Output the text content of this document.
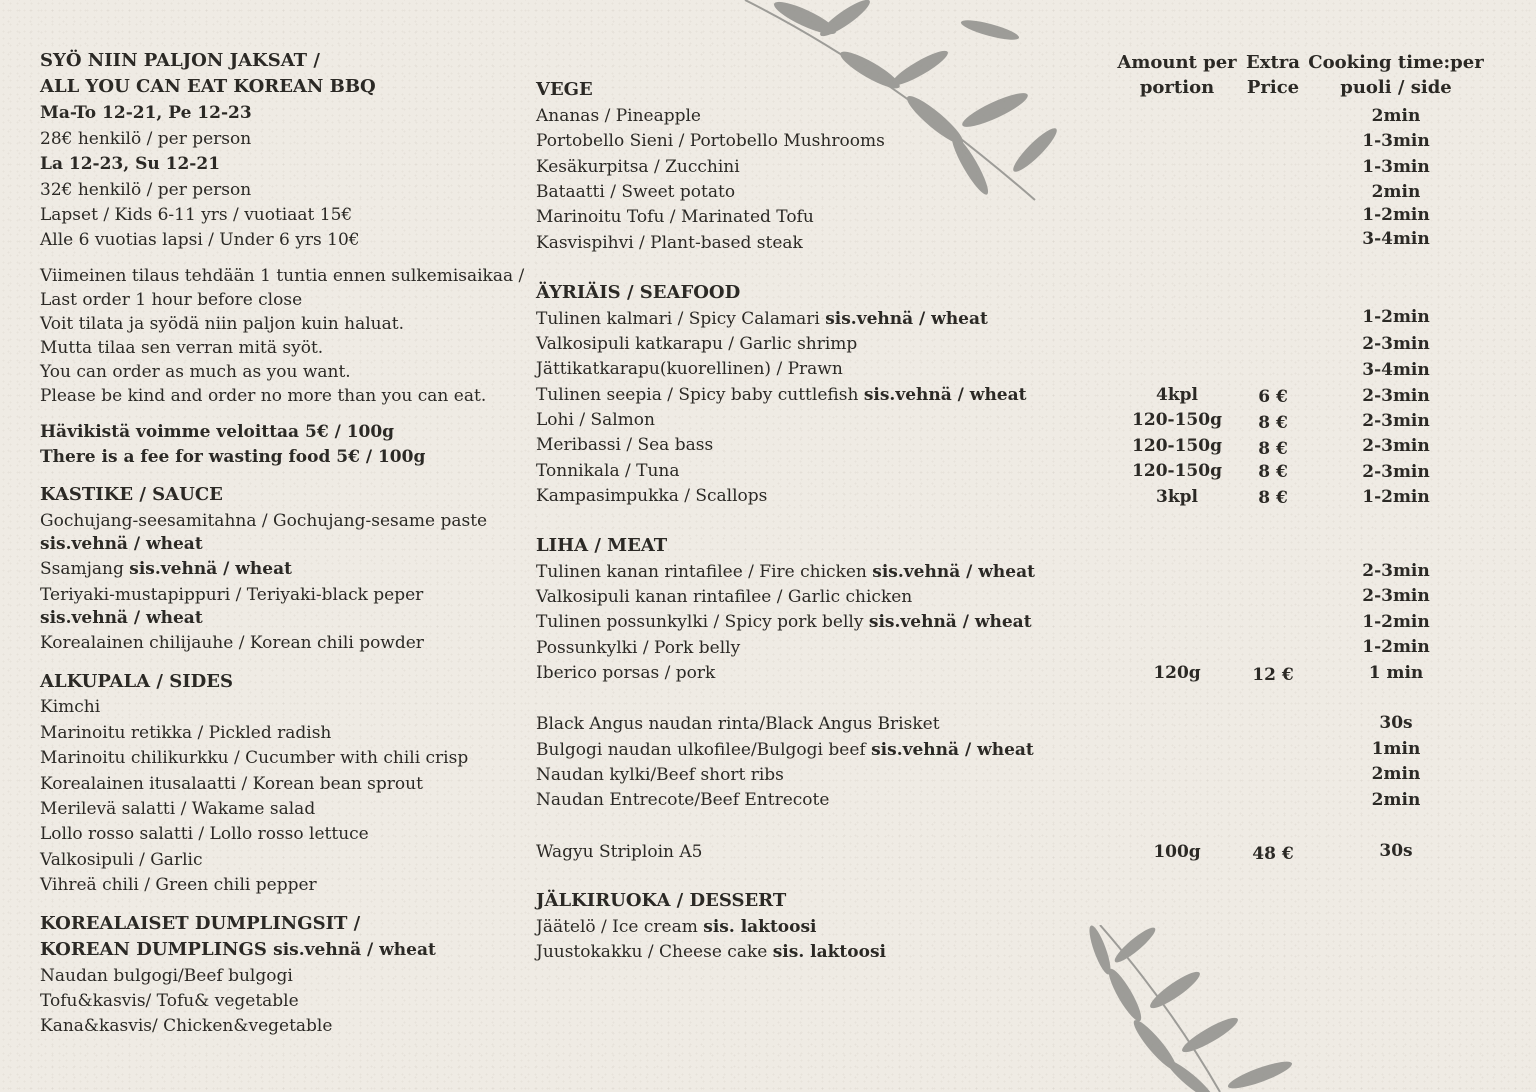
SYÖ NIIN PALJON JAKSAT /
ALL YOU CAN EAT KOREAN BBQ
Ma-To 12-21, Pe 12-23
28€ henkilö / per person
La 12-23, Su 12-21
32€ henkilö / per person
Lapset / Kids 6-11 yrs / vuotiaat 15€
Alle 6 vuotias lapsi / Under 6 yrs 10€
Viimeinen tilaus tehdään 1 tuntia ennen sulkemisaikaa /
Last order 1 hour before close
Voit tilata ja syödä niin paljon kuin haluat.
Mutta tilaa sen verran mitä syöt.
You can order as much as you want.
Please be kind and order no more than you can eat.
Hävikistä voimme veloittaa 5€ / 100g
There is a fee for wasting food 5€ / 100g
KASTIKE / SAUCE
Gochujang-seesamitahna / Gochujang-sesame paste
sis.vehnä / wheat
Ssamjang sis.vehnä / wheat
Teriyaki-mustapippuri / Teriyaki-black peper
sis.vehnä / wheat
Korealainen chilijauhe / Korean chili powder
ALKUPALA / SIDES
Kimchi
Marinoitu retikka / Pickled radish
Marinoitu chilikurkku / Cucumber with chili crisp
Korealainen itusalaatti / Korean bean sprout
Merilevä salatti / Wakame salad
Lollo rosso salatti / Lollo rosso lettuce
Valkosipuli / Garlic
Vihreä chili / Green chili pepper
KOREALAISET DUMPLINGSIT /
KOREAN DUMPLINGS sis.vehnä / wheat
Naudan bulgogi/Beef bulgogi
Tofu&kasvis/ Tofu& vegetable
Kana&kasvis/ Chicken&vegetable
Amount per
portion
Extra
Price
Cooking time:per
puoli / side
VEGE
Ananas / Pineapple	2min
Portobello Sieni / Portobello Mushrooms	1-3min
Kesäkurpitsa / Zucchini	1-3min
Bataatti / Sweet potato	2min
Marinoitu Tofu / Marinated Tofu	1-2min
Kasvispihvi / Plant-based steak	3-4min
ÄYRIÄIS / SEAFOOD
Tulinen kalmari / Spicy Calamari sis.vehnä / wheat	1-2min
Valkosipuli katkarapu / Garlic shrimp	2-3min
Jättikatkarapu(kuorellinen) / Prawn	3-4min
Tulinen seepia / Spicy baby cuttlefish sis.vehnä / wheat	4kpl	6 €	2-3min
Lohi / Salmon	120-150g 8 €	2-3min
Meribassi / Sea bass	120-150g 8 €	2-3min
Tonnikala / Tuna	120-150g 8 €	2-3min
Kampasimpukka / Scallops	3kpl	8 €	1-2min
LIHA / MEAT
Tulinen kanan rintafilee / Fire chicken sis.vehnä / wheat	2-3min
Valkosipuli kanan rintafilee / Garlic chicken	2-3min
Tulinen possunkylki / Spicy pork belly sis.vehnä / wheat	1-2min
Possunkylki / Pork belly	1-2min
Iberico porsas / pork	120g	12 €	1 min
Black Angus naudan rinta/Black Angus Brisket	30s
Bulgogi naudan ulkofilee/Bulgogi beef sis.vehnä / wheat	1min
Naudan kylki/Beef short ribs	2min
Naudan Entrecote/Beef Entrecote	2min
Wagyu Striploin A5	100g	48 €	30s
JÄLKIRUOKA / DESSERT
Jäätelö / Ice cream sis. laktoosi
Juustokakku / Cheese cake sis. laktoosi
